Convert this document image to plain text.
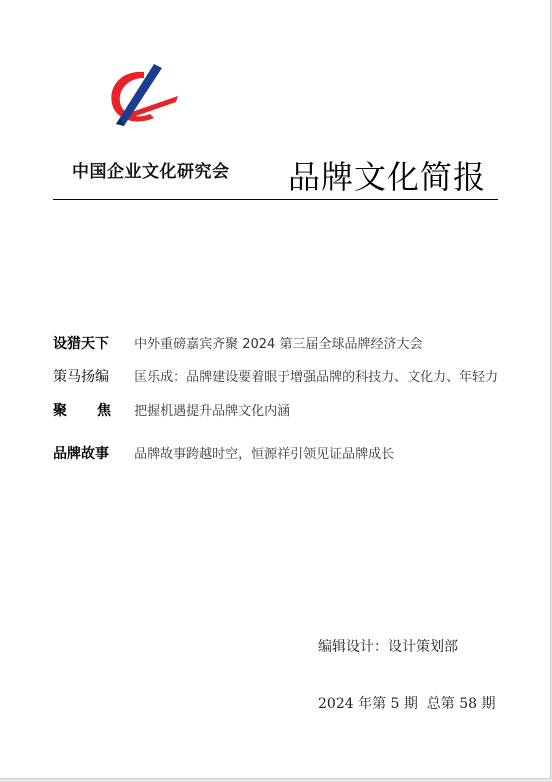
中国企业文化研究会 品牌文化简报
设猎天下 中外重磅嘉宾齐聚 2024 第三届全球品牌经济大会
策马扬编 匡乐成：品牌建设要着眼于增强品牌的科技力、文化力、年轻力
聚焦 把握机遇提升品牌文化内涵
品牌故事 品牌故事跨越时空，恒源祥引领见证品牌成长
编辑设计：设计策划部
2024 年第 5 期  总第 58 期
